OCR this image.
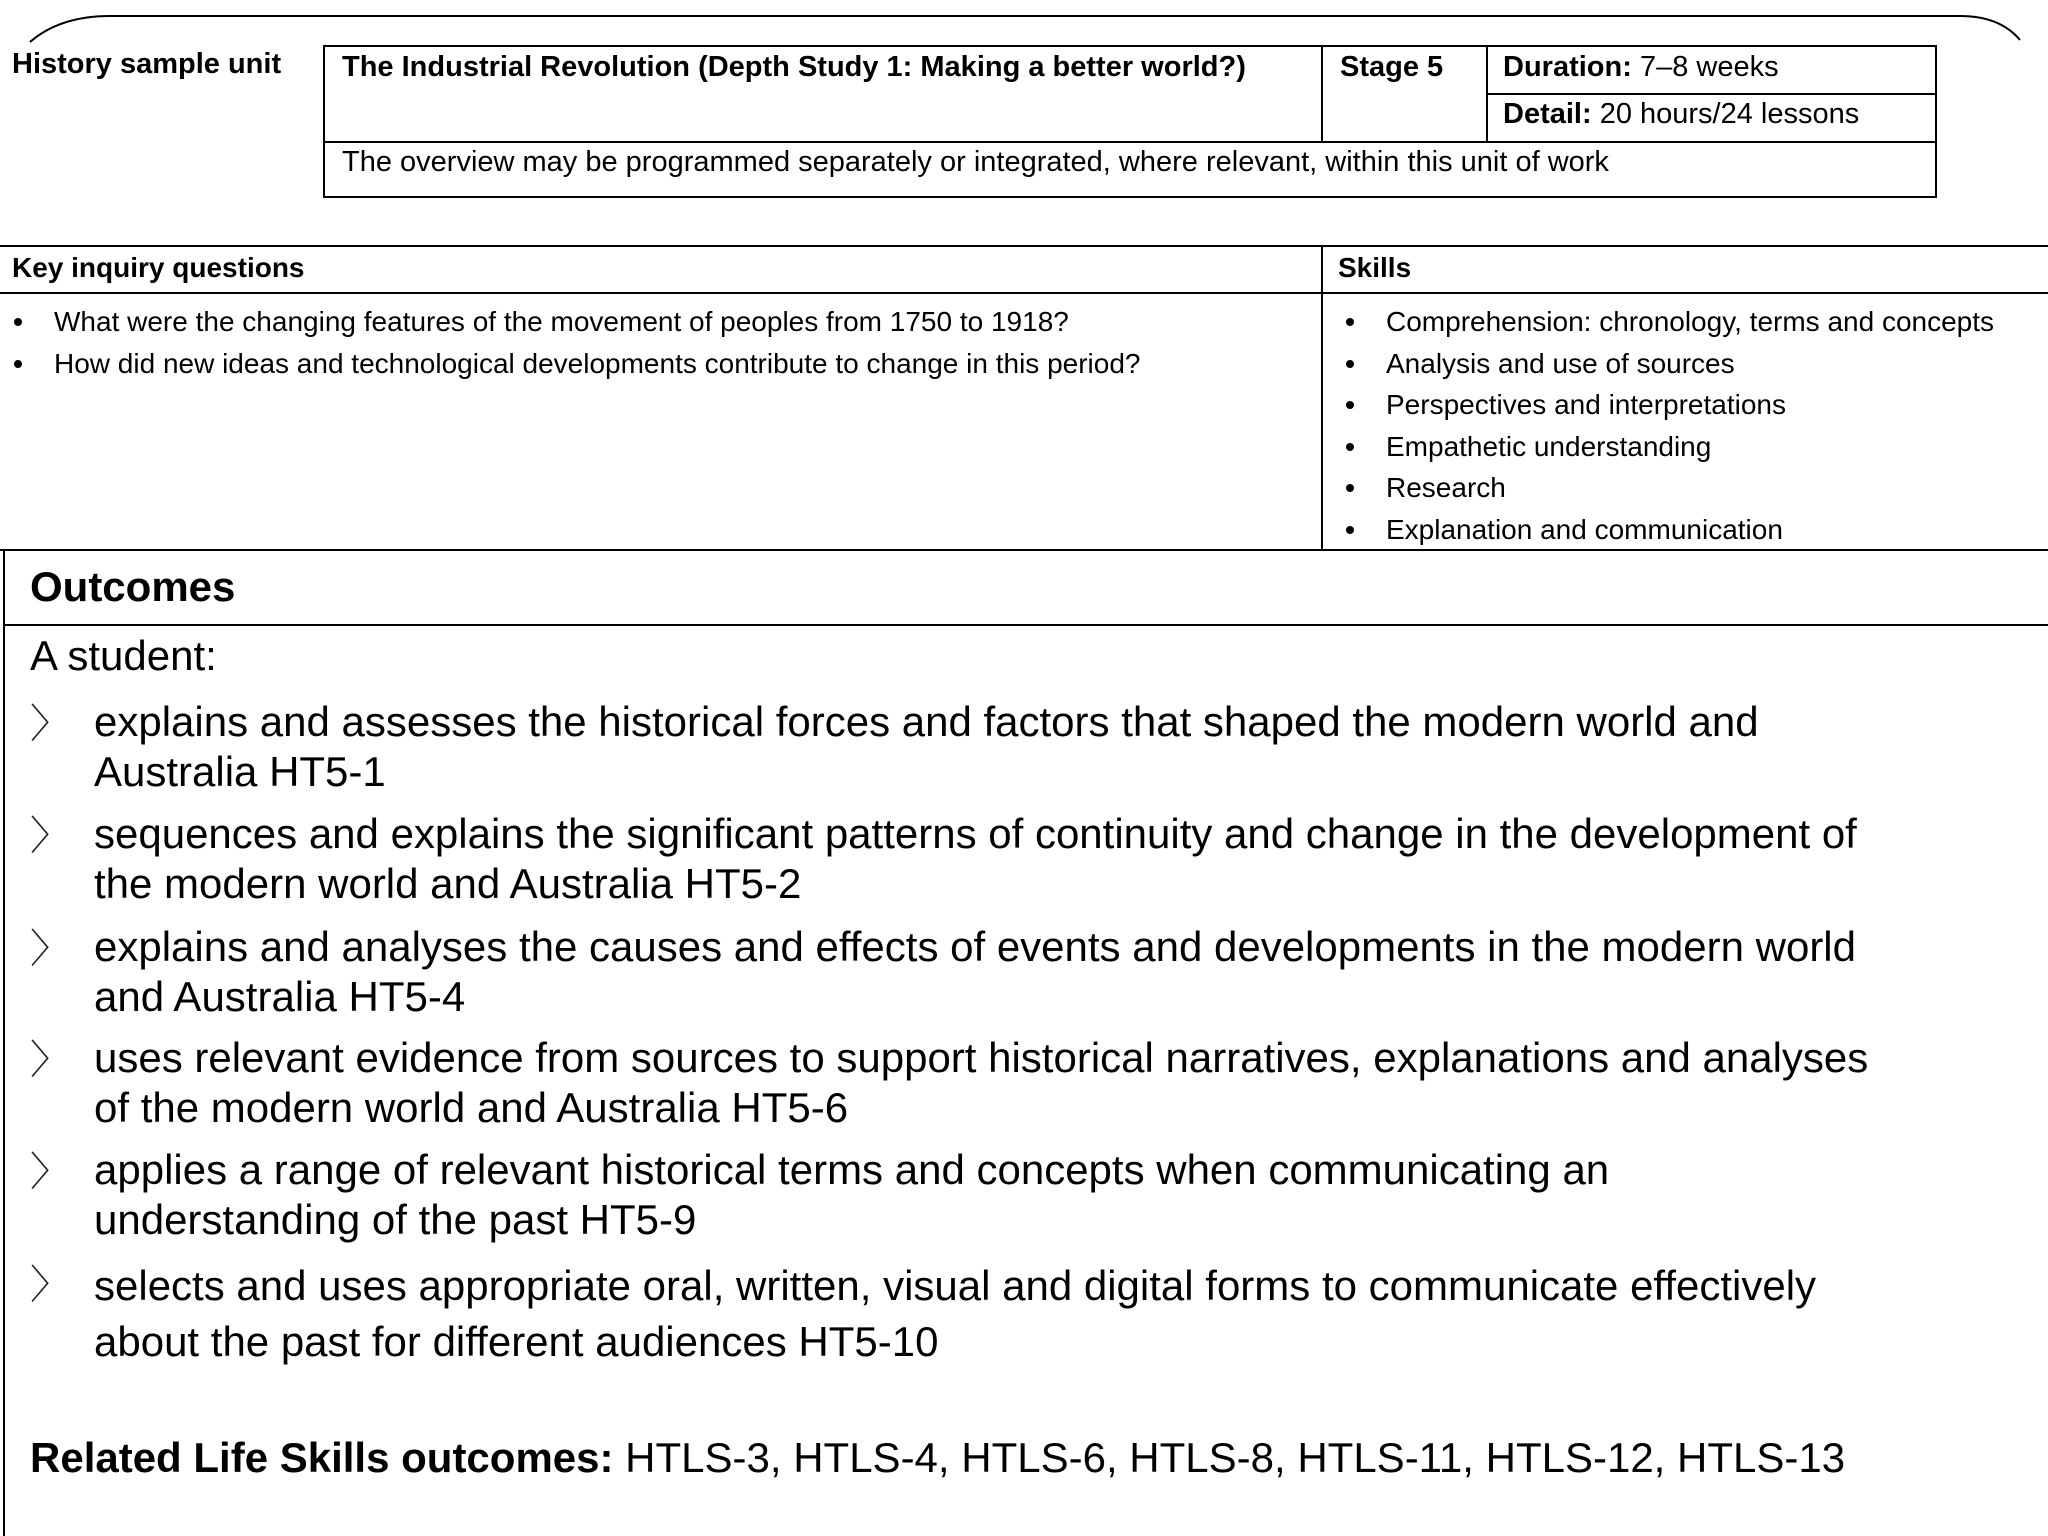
History sample unit The Industrial Revolution (Depth Study 1: Making a better world?)	Stage 5 Duration: 7–8 weeks
Detail: 20 hours/24 lessons
The overview may be programmed separately or integrated, where relevant, within this unit of work
Key inquiry questions	Skills
What were the changing features of the movement of peoples from 1750 to 1918?
How did new ideas and technological developments contribute to change in this period?
Comprehension: chronology, terms and concepts
Analysis and use of sources
Perspectives and interpretations
Empathetic understanding
Research
Explanation and communication
Outcomes
A student:
〉 explains and assesses the historical forces and factors that shaped the modern world and
Australia HT5-1
〉 sequences and explains the significant patterns of continuity and change in the development of
the modern world and Australia HT5-2
〉 explains and analyses the causes and effects of events and developments in the modern world
and Australia HT5-4
〉 uses relevant evidence from sources to support historical narratives, explanations and analyses
of the modern world and Australia HT5-6
〉 applies a range of relevant historical terms and concepts when communicating an
understanding of the past HT5-9
〉 selects and uses appropriate oral, written, visual and digital forms to communicate effectively
about the past for different audiences HT5-10
Related Life Skills outcomes: HTLS-3, HTLS-4, HTLS-6, HTLS-8, HTLS-11, HTLS-12, HTLS-13
